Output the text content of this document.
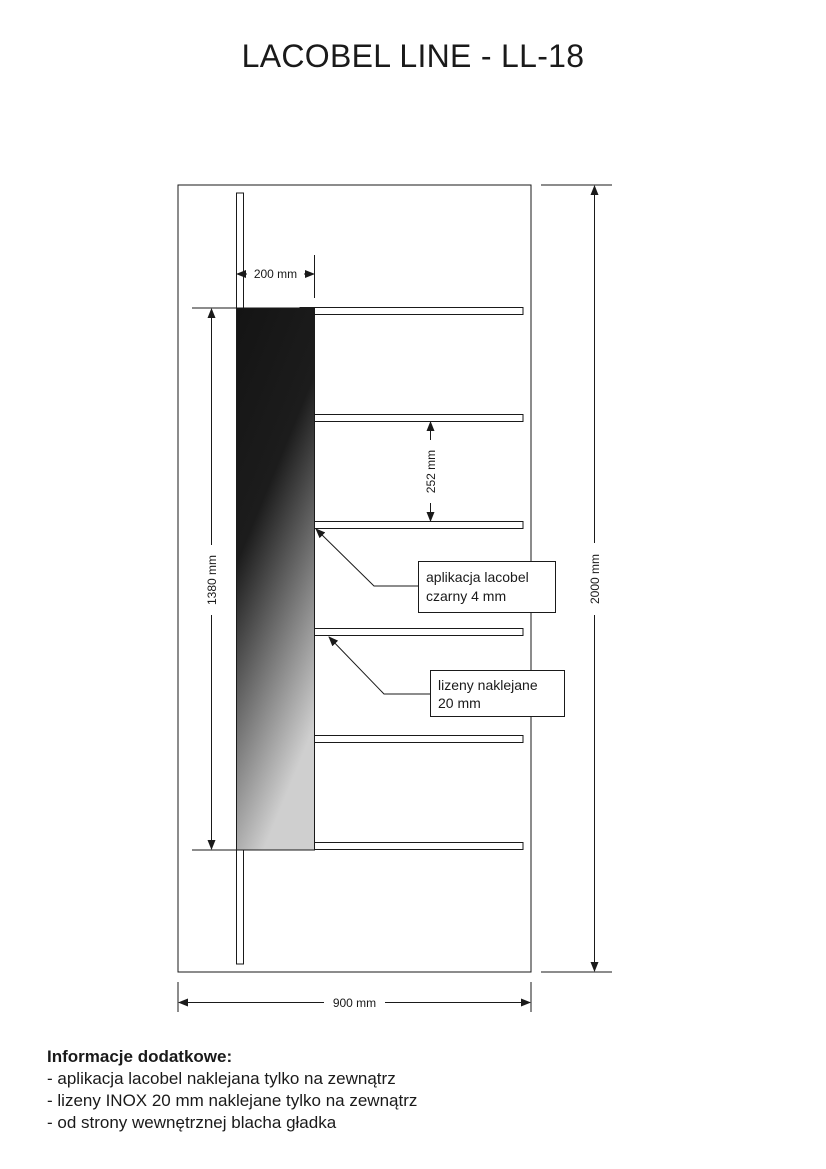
LACOBEL LINE - LL-18
200 mm
252 mm
1380 mm	2000 mm
900 mm
aplikacja lacobel
czarny 4 mm
lizeny naklejane
20 mm
Informacje dodatkowe:
- aplikacja lacobel naklejana tylko na zewnątrz
- lizeny INOX 20 mm naklejane tylko na zewnątrz
- od strony wewnętrznej blacha gładka
